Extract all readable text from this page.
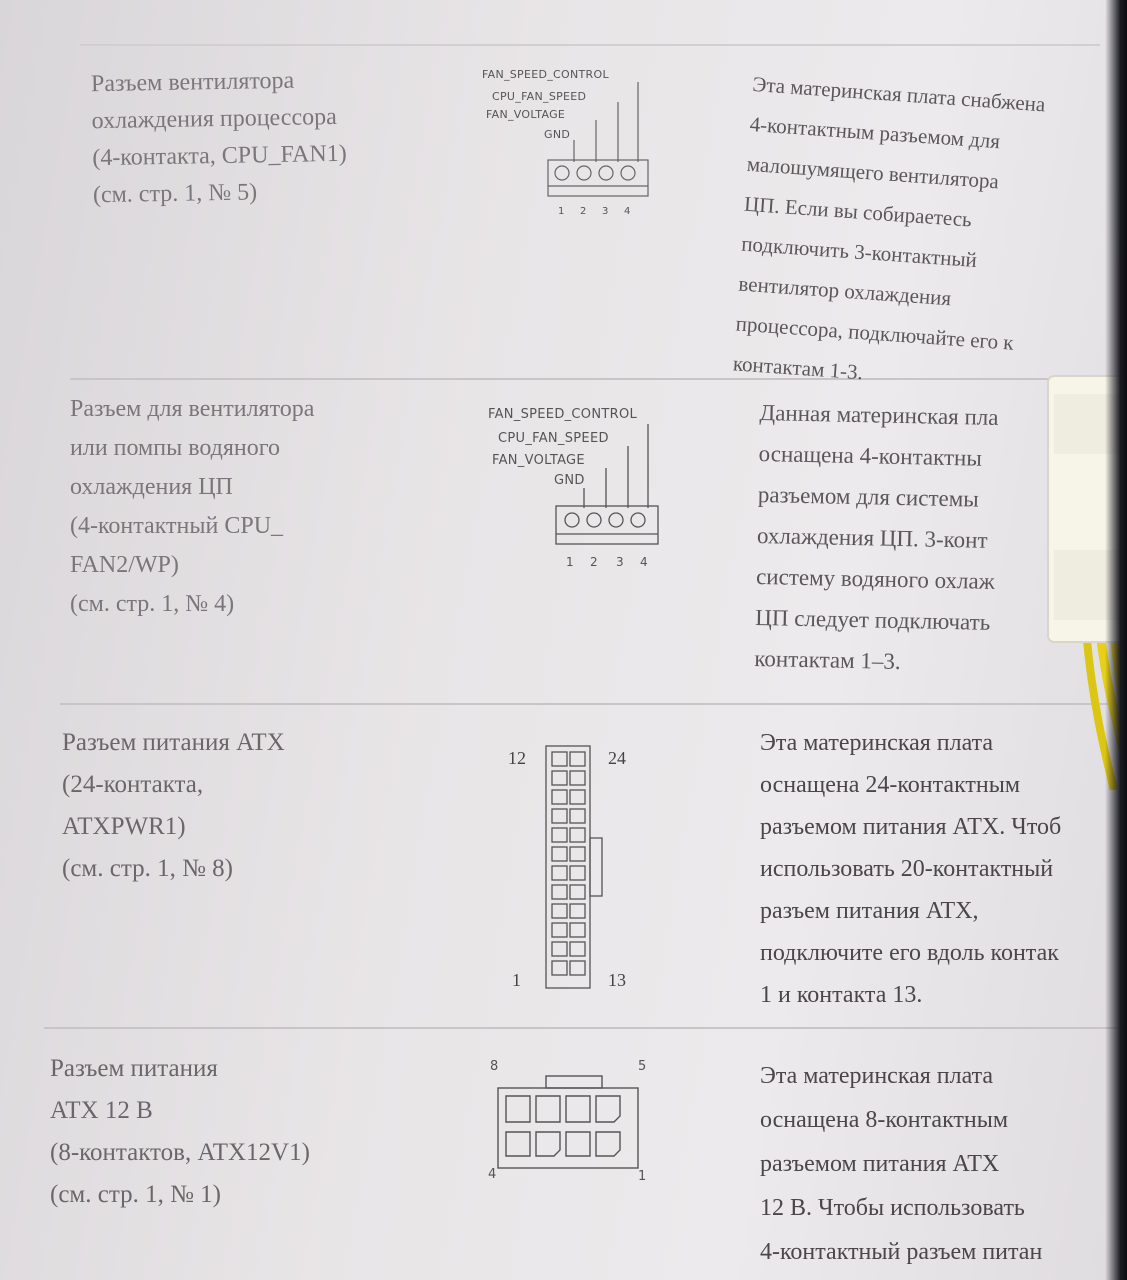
Разъем вентилятора
охлаждения процессора
(4-контакта, CPU_FAN1)
(см. стр. 1, № 5)
FAN_SPEED_CONTROL
CPU_FAN_SPEED
FAN_VOLTAGE
GND
1 2 3 4
Эта материнская плата снабжена
4-контактным разъемом для
малошумящего вентилятора
ЦП. Если вы собираетесь
подключить 3-контактный
вентилятор охлаждения
процессора, подключайте его к
контактам 1-3.
Разъем для вентилятора
или помпы водяного
охлаждения ЦП
(4-контактный CPU_
FAN2/WP)
(см. стр. 1, № 4)
FAN_SPEED_CONTROL
CPU_FAN_SPEED
FAN_VOLTAGE
GND
1 2 3 4
Данная материнская пла
оснащена 4-контактны
разъемом для системы
охлаждения ЦП. 3-конт
систему водяного охлаж
ЦП следует подключать
контактам 1–3.
Разъем питания ATX
(24-контакта,
ATXPWR1)
(см. стр. 1, № 8)
12	24
1	13
Эта материнская плата
оснащена 24-контактным
разъемом питания ATX. Чтоб
использовать 20-контактный
разъем питания ATX,
подключите его вдоль контак
1 и контакта 13.
Разъем питания
ATX 12 В
(8-контактов, ATX12V1)
(см. стр. 1, № 1)
8	5
4	1
Эта материнская плата
оснащена 8-контактным
разъемом питания ATX
12 В. Чтобы использовать
4-контактный разъем питан
